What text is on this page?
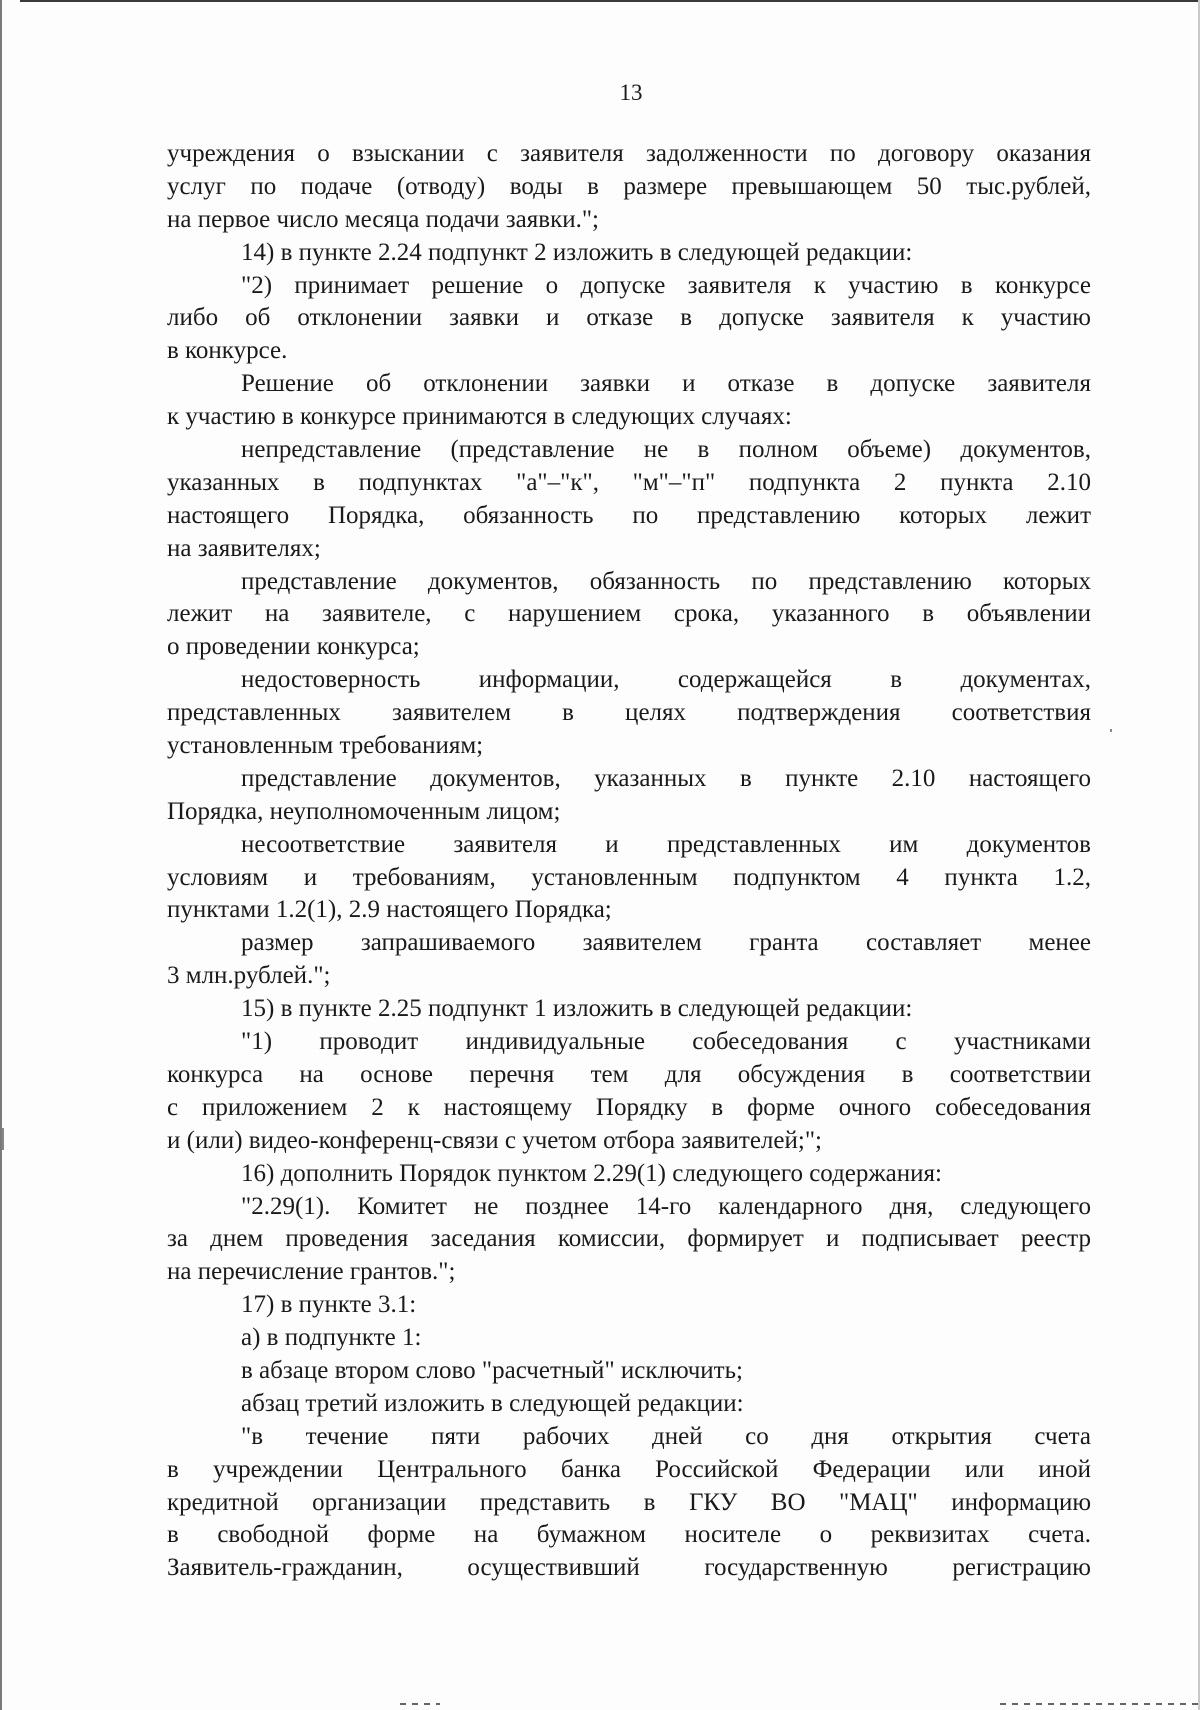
13
учреждения о взыскании с заявителя задолженности по договору оказания
услуг по подаче (отводу) воды в размере превышающем 50 тыс.рублей,
на первое число месяца подачи заявки.";
14) в пункте 2.24 подпункт 2 изложить в следующей редакции:
"2) принимает решение о допуске заявителя к участию в конкурсе
либо об отклонении заявки и отказе в допуске заявителя к участию
в конкурсе.
Решение об отклонении заявки и отказе в допуске заявителя
к участию в конкурсе принимаются в следующих случаях:
непредставление (представление не в полном объеме) документов,
указанных в подпунктах "а"–"к", "м"–"п" подпункта 2 пункта 2.10
настоящего Порядка, обязанность по представлению которых лежит
на заявителях;
представление документов, обязанность по представлению которых
лежит на заявителе, с нарушением срока, указанного в объявлении
о проведении конкурса;
недостоверность информации, содержащейся в документах,
представленных заявителем в целях подтверждения соответствия
установленным требованиям;
представление документов, указанных в пункте 2.10 настоящего
Порядка, неуполномоченным лицом;
несоответствие заявителя и представленных им документов
условиям и требованиям, установленным подпунктом 4 пункта 1.2,
пунктами 1.2(1), 2.9 настоящего Порядка;
размер запрашиваемого заявителем гранта составляет менее
3 млн.рублей.";
15) в пункте 2.25 подпункт 1 изложить в следующей редакции:
"1) проводит индивидуальные собеседования с участниками
конкурса на основе перечня тем для обсуждения в соответствии
с приложением 2 к настоящему Порядку в форме очного собеседования
и (или) видео-конференц-связи с учетом отбора заявителей;";
16) дополнить Порядок пунктом 2.29(1) следующего содержания:
"2.29(1). Комитет не позднее 14-го календарного дня, следующего
за днем проведения заседания комиссии, формирует и подписывает реестр
на перечисление грантов.";
17) в пункте 3.1:
а) в подпункте 1:
в абзаце втором слово "расчетный" исключить;
абзац третий изложить в следующей редакции:
"в течение пяти рабочих дней со дня открытия счета
в учреждении Центрального банка Российской Федерации или иной
кредитной организации представить в ГКУ ВО "МАЦ" информацию
в свободной форме на бумажном носителе о реквизитах счета.
Заявитель-гражданин, осуществивший государственную регистрацию
